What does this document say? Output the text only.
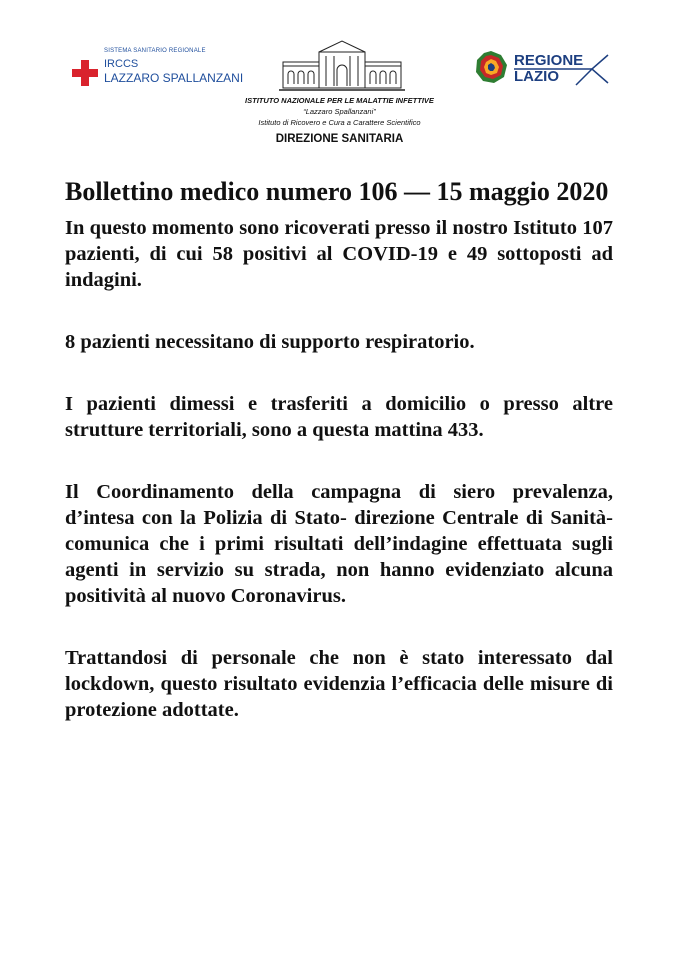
SISTEMA SANITARIO REGIONALE
IRCCS
LAZZARO SPALLANZANI
ISTITUTO NAZIONALE PER LE MALATTIE INFETTIVE
“Lazzaro Spallanzani”
Istituto di Ricovero e Cura a Carattere Scientifico
DIREZIONE SANITARIA
REGIONE
LAZIO
Bollettino medico numero 106 — 15 maggio 2020

In questo momento sono ricoverati presso il nostro Istituto 107 pazienti, di cui 58 positivi al COVID-19 e 49 sottoposti ad indagini.

8 pazienti necessitano di supporto respiratorio.

I pazienti dimessi e trasferiti a domicilio o presso altre strutture territoriali, sono a questa mattina 433.

Il Coordinamento della campagna di siero prevalenza, d’intesa con la Polizia di Stato- direzione Centrale di Sanità- comunica che i primi risultati dell’indagine effettuata sugli agenti in servizio su strada, non hanno evidenziato alcuna positività al nuovo Coronavirus.

Trattandosi di personale che non è stato interessato dal lockdown, questo risultato evidenzia l’efficacia delle misure di protezione adottate.
